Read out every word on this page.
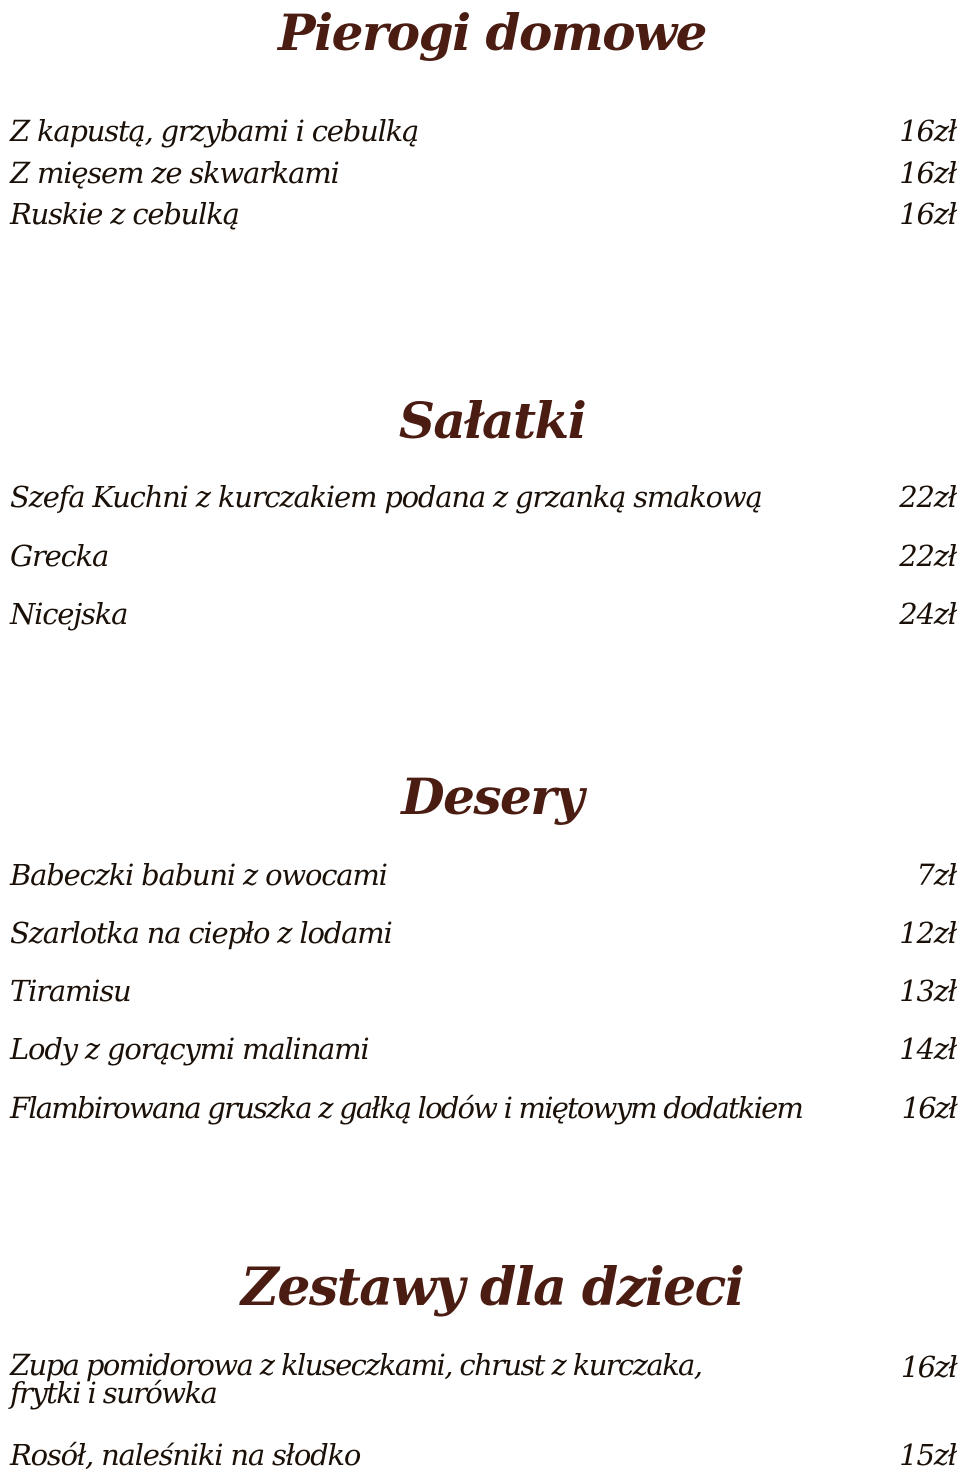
Pierogi domowe
Z kapustą, grzybami i cebulką	16zł
Z mięsem ze skwarkami	16zł
Ruskie z cebulką	16zł
Sałatki
Szefa Kuchni z kurczakiem podana z grzanką smakową	22zł
Grecka	22zł
Nicejska	24zł
Desery
Babeczki babuni z owocami	7zł
Szarlotka na ciepło z lodami	12zł
Tiramisu	13zł
Lody z gorącymi malinami	14zł
Flambirowana gruszka z gałką lodów i miętowym dodatkiem	16zł
Zestawy dla dzieci
Zupa pomidorowa z kluseczkami, chrust z kurczaka,
frytki i surówka
16zł
Rosół, naleśniki na słodko	15zł
